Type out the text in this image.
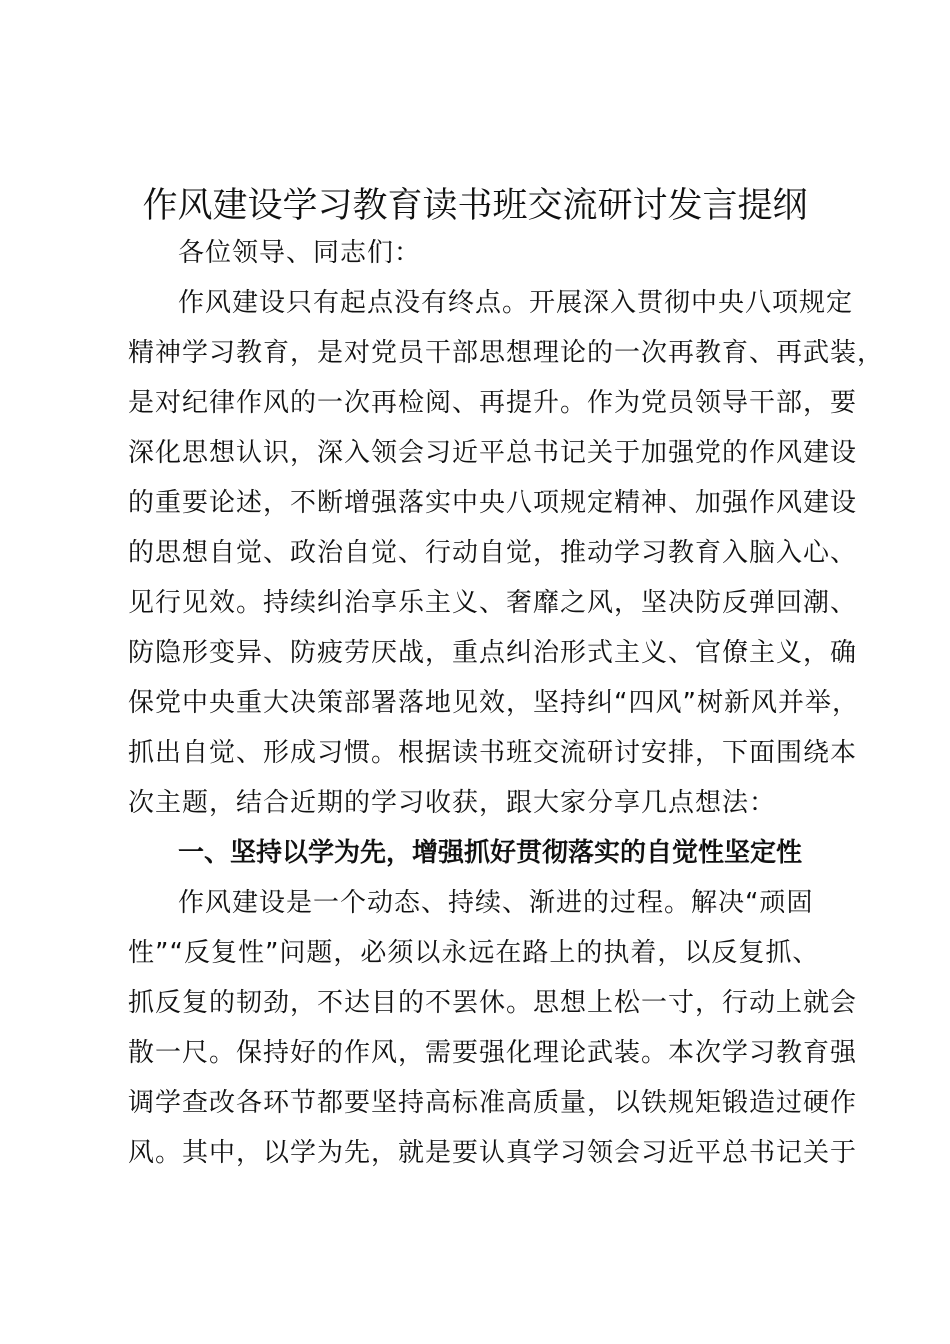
作风建设学习教育读书班交流研讨发言提纲

各位领导、同志们：

作风建设只有起点没有终点。开展深入贯彻中央八项规定

精神学习教育，是对党员干部思想理论的一次再教育、再武装，

是对纪律作风的一次再检阅、再提升。作为党员领导干部，要

深化思想认识，深入领会习近平总书记关于加强党的作风建设

的重要论述，不断增强落实中央八项规定精神、加强作风建设

的思想自觉、政治自觉、行动自觉，推动学习教育入脑入心、

见行见效。持续纠治享乐主义、奢靡之风，坚决防反弹回潮、

防隐形变异、防疲劳厌战，重点纠治形式主义、官僚主义，确

保党中央重大决策部署落地见效，坚持纠“四风”树新风并举，

抓出自觉、形成习惯。根据读书班交流研讨安排，下面围绕本

次主题，结合近期的学习收获，跟大家分享几点想法：

一、坚持以学为先，增强抓好贯彻落实的自觉性坚定性

作风建设是一个动态、持续、渐进的过程。解决“顽固

性”“反复性”问题，必须以永远在路上的执着，以反复抓、

抓反复的韧劲，不达目的不罢休。思想上松一寸，行动上就会

散一尺。保持好的作风，需要强化理论武装。本次学习教育强

调学查改各环节都要坚持高标准高质量，以铁规矩锻造过硬作

风。其中，以学为先，就是要认真学习领会习近平总书记关于
